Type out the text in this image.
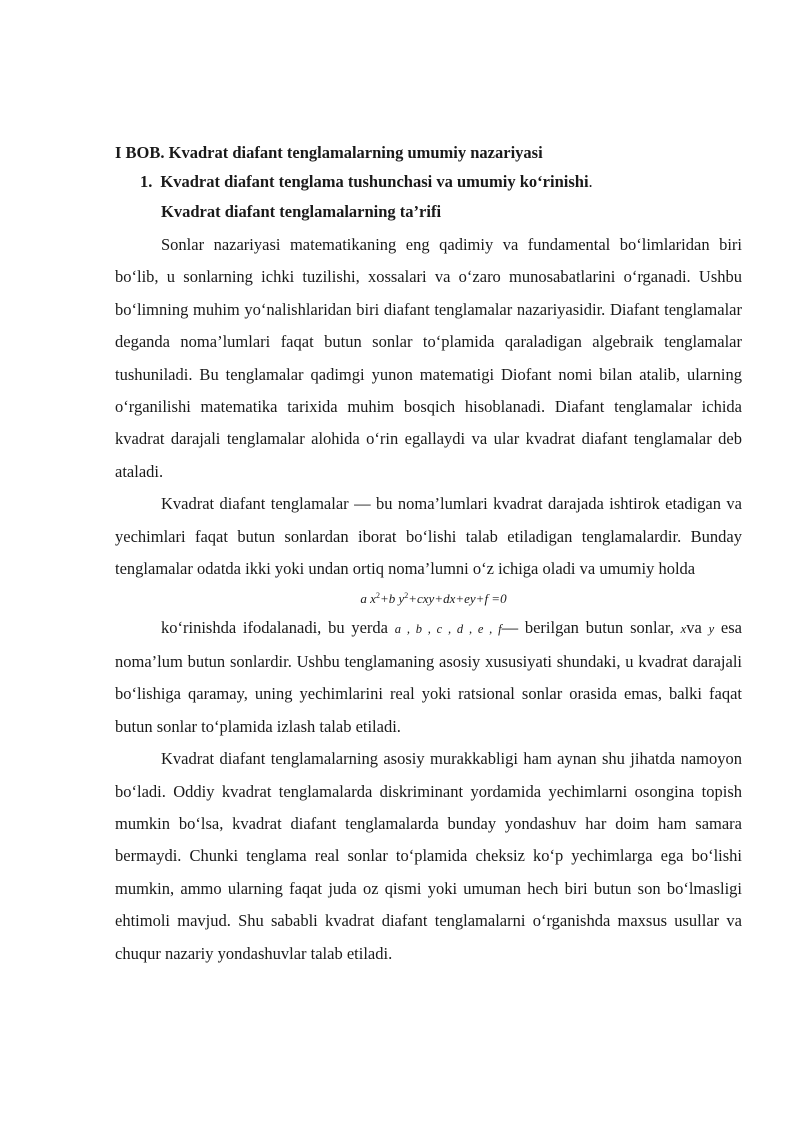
I BOB. Kvadrat diafant tenglamalarning umumiy nazariyasi
1. Kvadrat diafant tenglama tushunchasi va umumiy koʻrinishi.
Kvadrat diafant tenglamalarning ta’rifi

Sonlar nazariyasi matematikaning eng qadimiy va fundamental boʻlimlaridan biri boʻlib, u sonlarning ichki tuzilishi, xossalari va oʻzaro munosabatlarini oʻrganadi. Ushbu boʻlimning muhim yoʻnalishlaridan biri diafant tenglamalar nazariyasidir. Diafant tenglamalar deganda noma’lumlari faqat butun sonlar toʻplamida qaraladigan algebraik tenglamalar tushuniladi. Bu tenglamalar qadimgi yunon matematigi Diofant nomi bilan atalib, ularning oʻrganilishi matematika tarixida muhim bosqich hisoblanadi. Diafant tenglamalar ichida kvadrat darajali tenglamalar alohida oʻrin egallaydi va ular kvadrat diafant tenglamalar deb ataladi.

Kvadrat diafant tenglamalar — bu noma’lumlari kvadrat darajada ishtirok etadigan va yechimlari faqat butun sonlardan iborat boʻlishi talab etiladigan tenglamalardir. Bunday tenglamalar odatda ikki yoki undan ortiq noma’lumni oʻz ichiga oladi va umumiy holda

a $x^2+b$ $y^2+cxy+dx+ey+f =0$

koʻrinishda ifodalanadi, bu yerda a , b , c , d , e , f— berilgan butun sonlar, xva y esa noma’lum butun sonlardir. Ushbu tenglamaning asosiy xususiyati shundaki, u kvadrat darajali boʻlishiga qaramay, uning yechimlarini real yoki ratsional sonlar orasida emas, balki faqat butun sonlar toʻplamida izlash talab etiladi.

Kvadrat diafant tenglamalarning asosiy murakkabligi ham aynan shu jihatda namoyon boʻladi. Oddiy kvadrat tenglamalarda diskriminant yordamida yechimlarni osongina topish mumkin boʻlsa, kvadrat diafant tenglamalarda bunday yondashuv har doim ham samara bermaydi. Chunki tenglama real sonlar toʻplamida cheksiz koʻp yechimlarga ega boʻlishi mumkin, ammo ularning faqat juda oz qismi yoki umuman hech biri butun son boʻlmasligi ehtimoli mavjud. Shu sababli kvadrat diafant tenglamalarni oʻrganishda maxsus usullar va chuqur nazariy yondashuvlar talab etiladi.
